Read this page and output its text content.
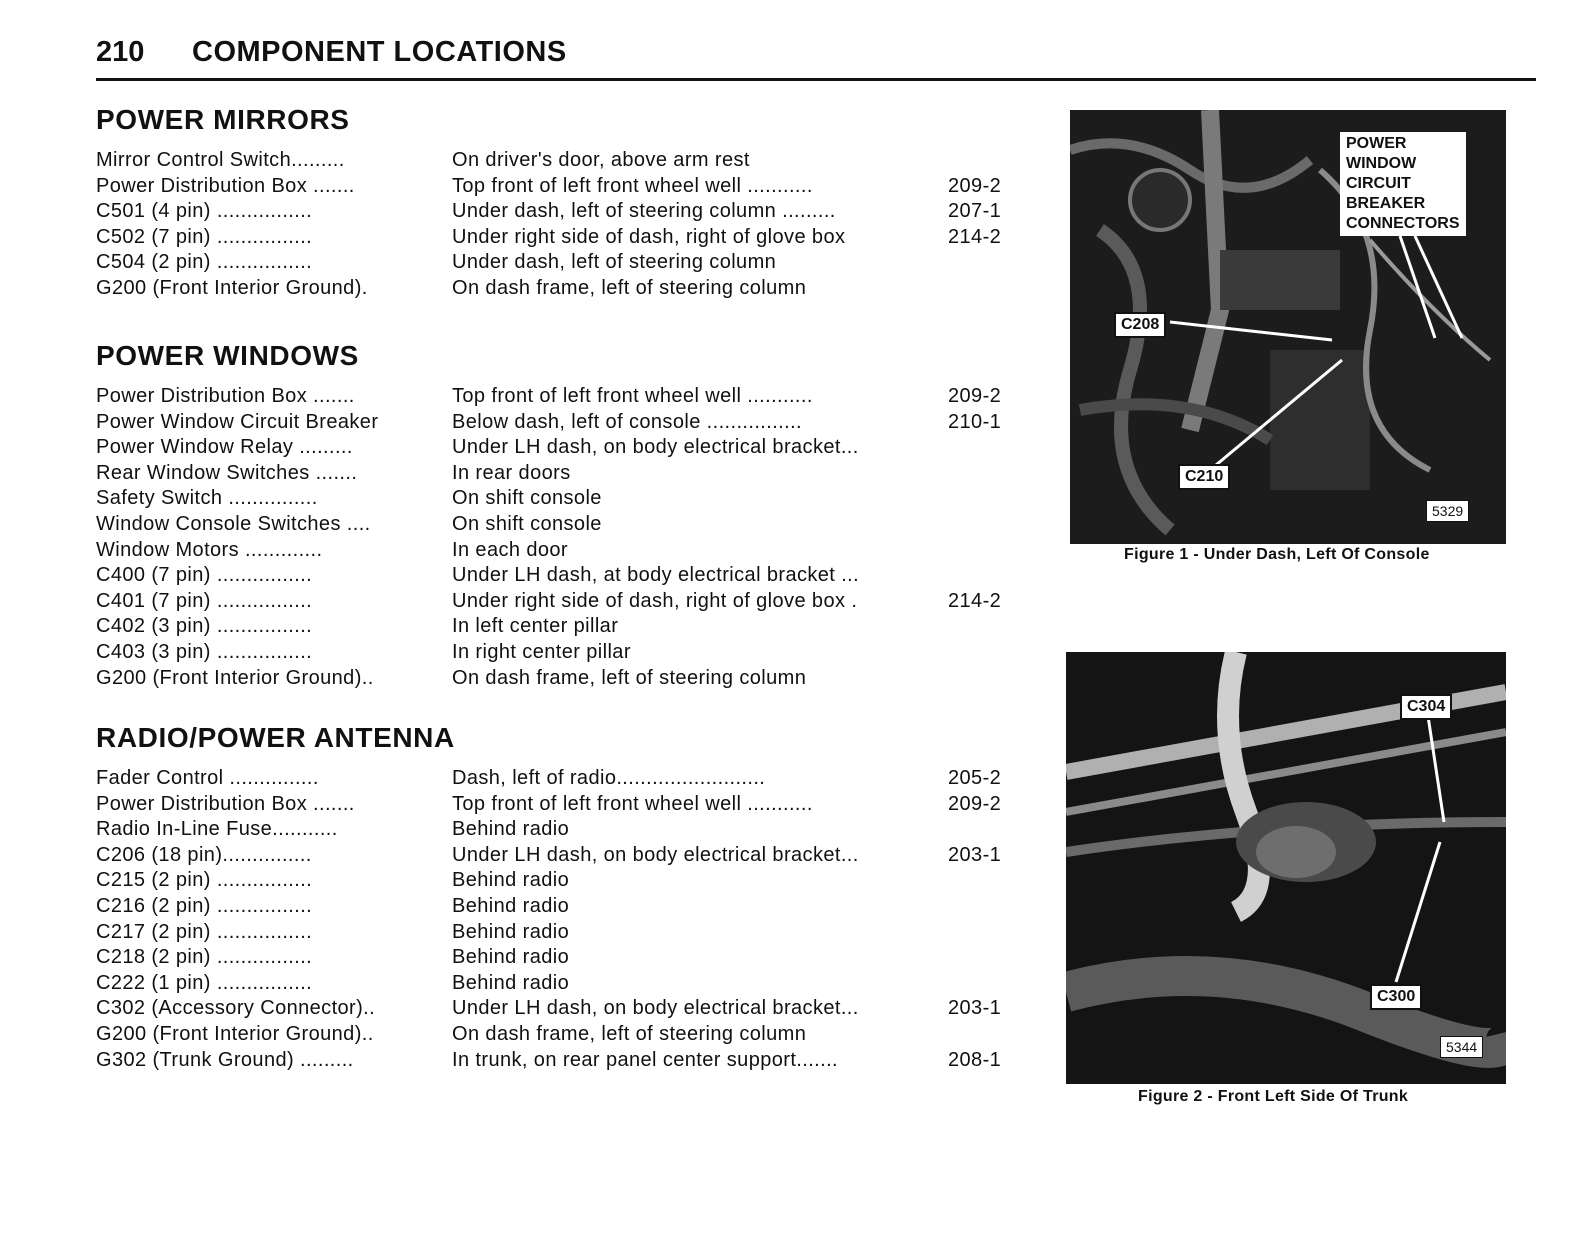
210 COMPONENT LOCATIONS
POWER MIRRORS
Mirror Control Switch.........	On driver's door, above arm rest
Power Distribution Box .......	Top front of left front wheel well ...........	209-2
C501 (4 pin) ................	Under dash, left of steering column .........	207-1
C502 (7 pin) ................	Under right side of dash, right of glove box	214-2
C504 (2 pin) ................	Under dash, left of steering column
G200 (Front Interior Ground).	On dash frame, left of steering column
POWER WINDOWS
Power Distribution Box .......	Top front of left front wheel well ...........	209-2
Power Window Circuit Breaker	Below dash, left of console ................	210-1
Power Window Relay .........	Under LH dash, on body electrical bracket...
Rear Window Switches .......	In rear doors
Safety Switch ...............	On shift console
Window Console Switches ....	On shift console
Window Motors .............	In each door
C400 (7 pin) ................	Under LH dash, at body electrical bracket ...
C401 (7 pin) ................	Under right side of dash, right of glove box .	214-2
C402 (3 pin) ................	In left center pillar
C403 (3 pin) ................	In right center pillar
G200 (Front Interior Ground)..	On dash frame, left of steering column
RADIO/POWER ANTENNA
Fader Control ...............	Dash, left of radio.........................	205-2
Power Distribution Box .......	Top front of left front wheel well ...........	209-2
Radio In-Line Fuse...........	Behind radio
C206 (18 pin)...............	Under LH dash, on body electrical bracket...	203-1
C215 (2 pin) ................	Behind radio
C216 (2 pin) ................	Behind radio
C217 (2 pin) ................	Behind radio
C218 (2 pin) ................	Behind radio
C222 (1 pin) ................	Behind radio
C302 (Accessory Connector)..	Under LH dash, on body electrical bracket...	203-1
G200 (Front Interior Ground)..	On dash frame, left of steering column
G302 (Trunk Ground) .........	In trunk, on rear panel center support.......	208-1
POWER
WINDOW
CIRCUIT
BREAKER
CONNECTORS
C208
C210
5329
Figure 1 - Under Dash, Left Of Console
C304
C300
5344
Figure 2 - Front Left Side Of Trunk
